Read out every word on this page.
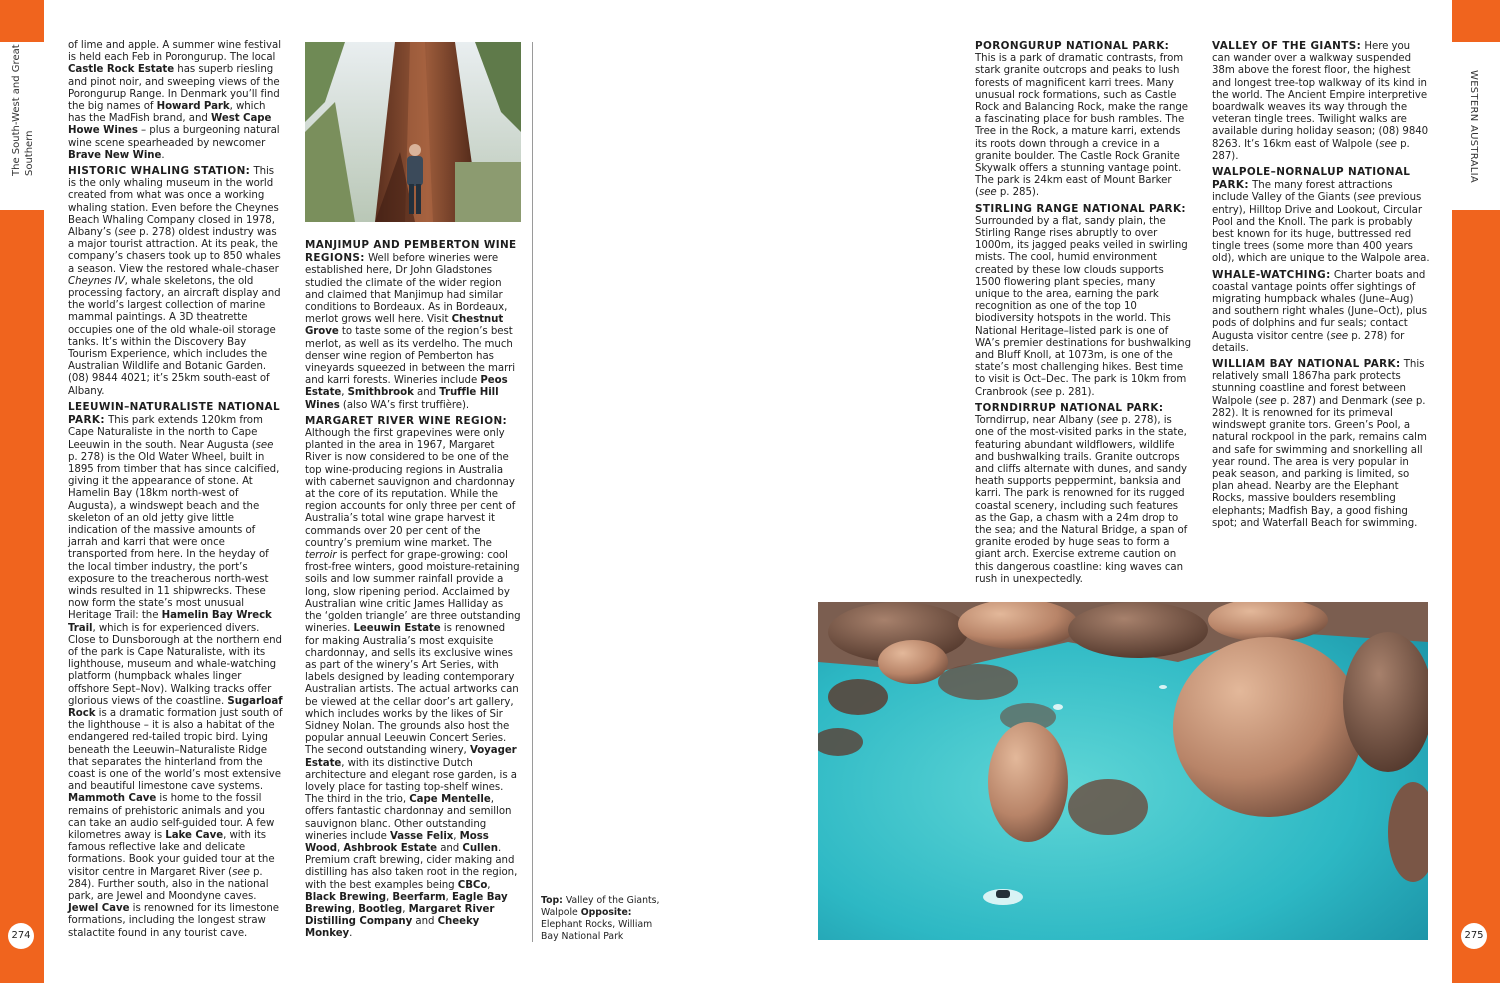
The South-West and Great Southern	WESTERN AUSTRALIA
274	275

of lime and apple. A summer wine festival is held each Feb in Porongurup. The local Castle Rock Estate has superb riesling and pinot noir, and sweeping views of the Porongurup Range. In Denmark you’ll find the big names of Howard Park, which has the MadFish brand, and West Cape Howe Wines – plus a burgeoning natural wine scene spearheaded by newcomer Brave New Wine.

HISTORIC WHALING STATION: This is the only whaling museum in the world created from what was once a working whaling station. Even before the Cheynes Beach Whaling Company closed in 1978, Albany’s (see p. 278) oldest industry was a major tourist attraction. At its peak, the company’s chasers took up to 850 whales a season. View the restored whale-chaser Cheynes IV, whale skeletons, the old processing factory, an aircraft display and the world’s largest collection of marine mammal paintings. A 3D theatrette occupies one of the old whale-oil storage tanks. It’s within the Discovery Bay Tourism Experience, which includes the Australian Wildlife and Botanic Garden. (08) 9844 4021; it’s 25km south-east of Albany.

LEEUWIN–NATURALISTE NATIONAL PARK: This park extends 120km from Cape Naturaliste in the north to Cape Leeuwin in the south. Near Augusta (see p. 278) is the Old Water Wheel, built in 1895 from timber that has since calcified, giving it the appearance of stone. At Hamelin Bay (18km north-west of Augusta), a windswept beach and the skeleton of an old jetty give little indication of the massive amounts of jarrah and karri that were once transported from here. In the heyday of the local timber industry, the port’s exposure to the treacherous north-west winds resulted in 11 shipwrecks. These now form the state’s most unusual Heritage Trail: the Hamelin Bay Wreck Trail, which is for experienced divers. Close to Dunsborough at the northern end of the park is Cape Naturaliste, with its lighthouse, museum and whale-watching platform (humpback whales linger offshore Sept–Nov). Walking tracks offer glorious views of the coastline. Sugarloaf Rock is a dramatic formation just south of the lighthouse – it is also a habitat of the endangered red-tailed tropic bird. Lying beneath the Leeuwin–Naturaliste Ridge that separates the hinterland from the coast is one of the world’s most extensive and beautiful limestone cave systems. Mammoth Cave is home to the fossil remains of prehistoric animals and you can take an audio self-guided tour. A few kilometres away is Lake Cave, with its famous reflective lake and delicate formations. Book your guided tour at the visitor centre in Margaret River (see p. 284). Further south, also in the national park, are Jewel and Moondyne caves. Jewel Cave is renowned for its limestone formations, including the longest straw stalactite found in any tourist cave.

MANJIMUP AND PEMBERTON WINE REGIONS: Well before wineries were established here, Dr John Gladstones studied the climate of the wider region and claimed that Manjimup had similar conditions to Bordeaux. As in Bordeaux, merlot grows well here. Visit Chestnut Grove to taste some of the region’s best merlot, as well as its verdelho. The much denser wine region of Pemberton has vineyards squeezed in between the marri and karri forests. Wineries include Peos Estate, Smithbrook and Truffle Hill Wines (also WA’s first truffière).

MARGARET RIVER WINE REGION: Although the first grapevines were only planted in the area in 1967, Margaret River is now considered to be one of the top wine-producing regions in Australia with cabernet sauvignon and chardonnay at the core of its reputation. While the region accounts for only three per cent of Australia’s total wine grape harvest it commands over 20 per cent of the country’s premium wine market. The terroir is perfect for grape-growing: cool frost-free winters, good moisture-retaining soils and low summer rainfall provide a long, slow ripening period. Acclaimed by Australian wine critic James Halliday as the ‘golden triangle’ are three outstanding wineries. Leeuwin Estate is renowned for making Australia’s most exquisite chardonnay, and sells its exclusive wines as part of the winery’s Art Series, with labels designed by leading contemporary Australian artists. The actual artworks can be viewed at the cellar door’s art gallery, which includes works by the likes of Sir Sidney Nolan. The grounds also host the popular annual Leeuwin Concert Series. The second outstanding winery, Voyager Estate, with its distinctive Dutch architecture and elegant rose garden, is a lovely place for tasting top-shelf wines. The third in the trio, Cape Mentelle, offers fantastic chardonnay and semillon sauvignon blanc. Other outstanding wineries include Vasse Felix, Moss Wood, Ashbrook Estate and Cullen. Premium craft brewing, cider making and distilling has also taken root in the region, with the best examples being CBCo, Black Brewing, Beerfarm, Eagle Bay Brewing, Bootleg, Margaret River Distilling Company and Cheeky Monkey.

Top: Valley of the Giants, Walpole Opposite: Elephant Rocks, William Bay National Park

PORONGURUP NATIONAL PARK: This is a park of dramatic contrasts, from stark granite outcrops and peaks to lush forests of magnificent karri trees. Many unusual rock formations, such as Castle Rock and Balancing Rock, make the range a fascinating place for bush rambles. The Tree in the Rock, a mature karri, extends its roots down through a crevice in a granite boulder. The Castle Rock Granite Skywalk offers a stunning vantage point. The park is 24km east of Mount Barker (see p. 285).

STIRLING RANGE NATIONAL PARK: Surrounded by a flat, sandy plain, the Stirling Range rises abruptly to over 1000m, its jagged peaks veiled in swirling mists. The cool, humid environment created by these low clouds supports 1500 flowering plant species, many unique to the area, earning the park recognition as one of the top 10 biodiversity hotspots in the world. This National Heritage–listed park is one of WA’s premier destinations for bushwalking and Bluff Knoll, at 1073m, is one of the state’s most challenging hikes. Best time to visit is Oct–Dec. The park is 10km from Cranbrook (see p. 281).

TORNDIRRUP NATIONAL PARK: Torndirrup, near Albany (see p. 278), is one of the most-visited parks in the state, featuring abundant wildflowers, wildlife and bushwalking trails. Granite outcrops and cliffs alternate with dunes, and sandy heath supports peppermint, banksia and karri. The park is renowned for its rugged coastal scenery, including such features as the Gap, a chasm with a 24m drop to the sea; and the Natural Bridge, a span of granite eroded by huge seas to form a giant arch. Exercise extreme caution on this dangerous coastline: king waves can rush in unexpectedly.

VALLEY OF THE GIANTS: Here you can wander over a walkway suspended 38m above the forest floor, the highest and longest tree-top walkway of its kind in the world. The Ancient Empire interpretive boardwalk weaves its way through the veteran tingle trees. Twilight walks are available during holiday season; (08) 9840 8263. It’s 16km east of Walpole (see p. 287).

WALPOLE–NORNALUP NATIONAL PARK: The many forest attractions include Valley of the Giants (see previous entry), Hilltop Drive and Lookout, Circular Pool and the Knoll. The park is probably best known for its huge, buttressed red tingle trees (some more than 400 years old), which are unique to the Walpole area.

WHALE-WATCHING: Charter boats and coastal vantage points offer sightings of migrating humpback whales (June–Aug) and southern right whales (June–Oct), plus pods of dolphins and fur seals; contact Augusta visitor centre (see p. 278) for details.

WILLIAM BAY NATIONAL PARK: This relatively small 1867ha park protects stunning coastline and forest between Walpole (see p. 287) and Denmark (see p. 282). It is renowned for its primeval windswept granite tors. Green’s Pool, a natural rockpool in the park, remains calm and safe for swimming and snorkelling all year round. The area is very popular in peak season, and parking is limited, so plan ahead. Nearby are the Elephant Rocks, massive boulders resembling elephants; Madfish Bay, a good fishing spot; and Waterfall Beach for swimming.
